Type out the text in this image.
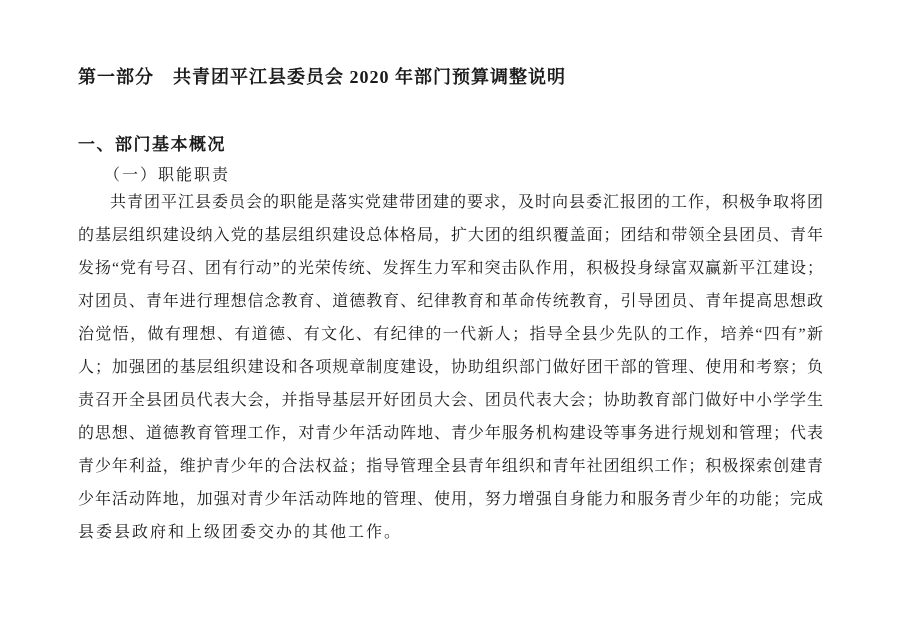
第一部分　共青团平江县委员会 2020 年部门预算调整说明
一、部门基本概况
（一）职能职责
共青团平江县委员会的职能是落实党建带团建的要求，及时向县委汇报团的工作，积极争取将团
的基层组织建设纳入党的基层组织建设总体格局，扩大团的组织覆盖面；团结和带领全县团员、青年
发扬“党有号召、团有行动”的光荣传统、发挥生力军和突击队作用，积极投身绿富双赢新平江建设；
对团员、青年进行理想信念教育、道德教育、纪律教育和革命传统教育，引导团员、青年提高思想政
治觉悟，做有理想、有道德、有文化、有纪律的一代新人；指导全县少先队的工作，培养“四有”新
人；加强团的基层组织建设和各项规章制度建设，协助组织部门做好团干部的管理、使用和考察；负
责召开全县团员代表大会，并指导基层开好团员大会、团员代表大会；协助教育部门做好中小学学生
的思想、道德教育管理工作，对青少年活动阵地、青少年服务机构建设等事务进行规划和管理；代表
青少年利益，维护青少年的合法权益；指导管理全县青年组织和青年社团组织工作；积极探索创建青
少年活动阵地，加强对青少年活动阵地的管理、使用，努力增强自身能力和服务青少年的功能；完成
县委县政府和上级团委交办的其他工作。
